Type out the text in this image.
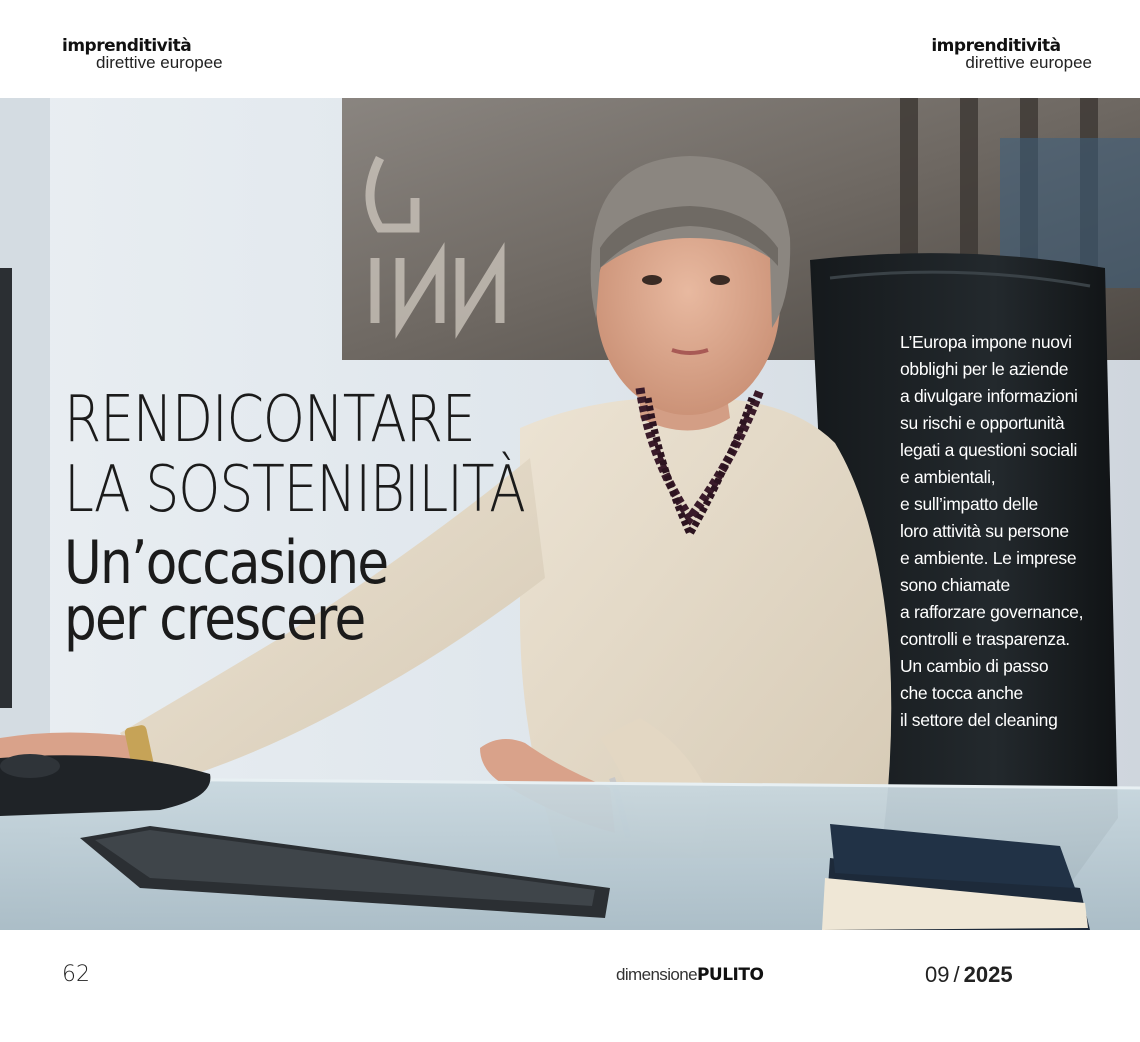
imprenditività
direttive europee
imprenditività
direttive europee
RENDICONTARE
LA SOSTENIBILITÀ
Un’occasione
per crescere
L’Europa impone nuovi
obblighi per le aziende
a divulgare informazioni
su rischi e opportunità
legati a questioni sociali
e ambientali,
e sull’impatto delle
loro attività su persone
e ambiente. Le imprese
sono chiamate
a rafforzare governance,
controlli e trasparenza.
Un cambio di passo
che tocca anche
il settore del cleaning
62	dimensionePULITO	09 / 2025
